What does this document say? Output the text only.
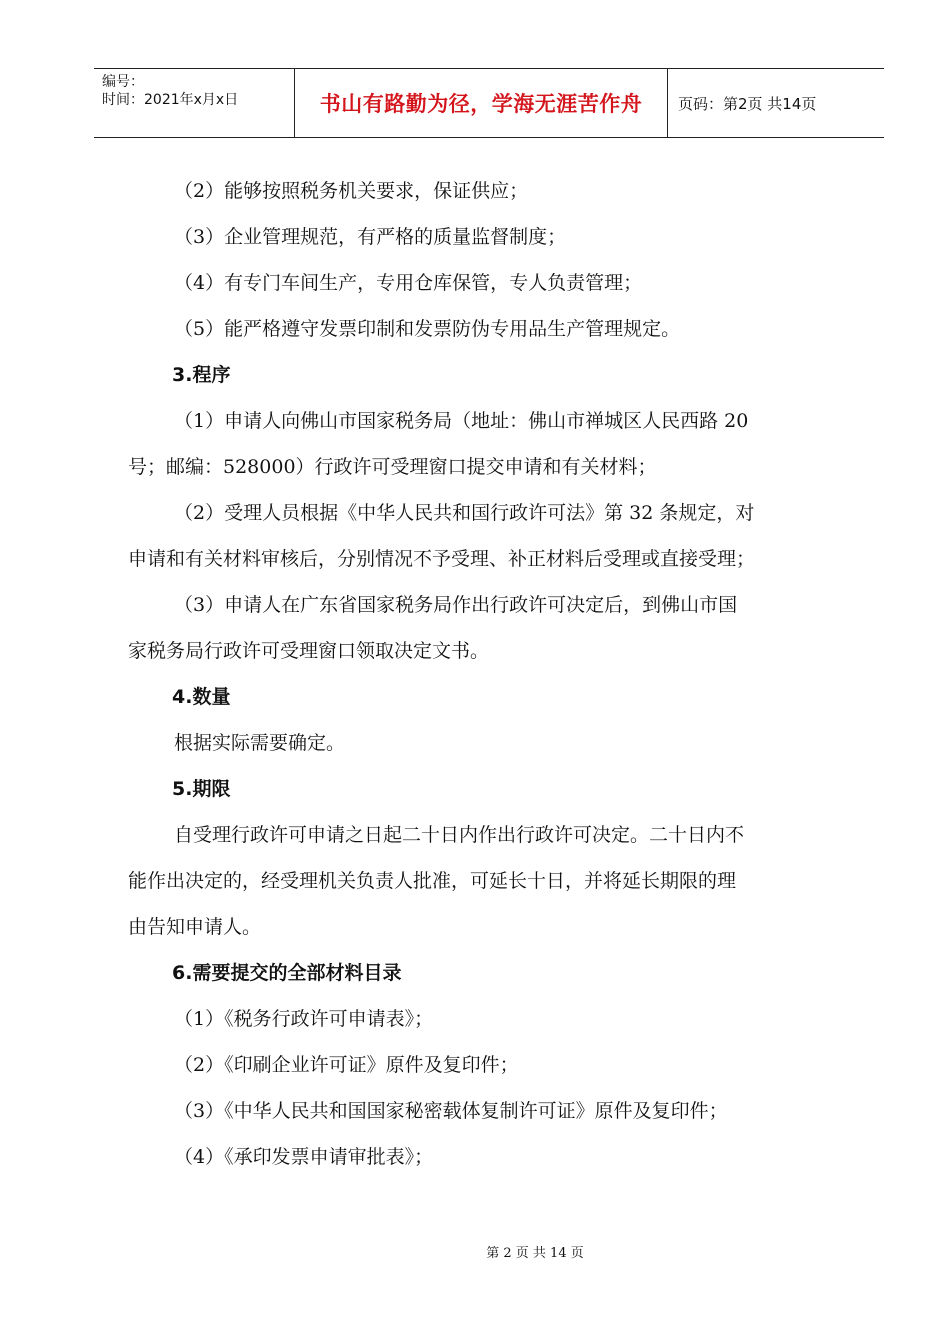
编号：
时间：2021年x月x日	书山有路勤为径，学海无涯苦作舟 页码：第2页 共14页
（2）能够按照税务机关要求，保证供应；
（3）企业管理规范，有严格的质量监督制度；
（4）有专门车间生产，专用仓库保管，专人负责管理；
（5）能严格遵守发票印制和发票防伪专用品生产管理规定。
3.程序
（1）申请人向佛山市国家税务局（地址：佛山市禅城区人民西路 20
号；邮编：528000）行政许可受理窗口提交申请和有关材料；
（2）受理人员根据《中华人民共和国行政许可法》第 32 条规定，对
申请和有关材料审核后，分别情况不予受理、补正材料后受理或直接受理；
（3）申请人在广东省国家税务局作出行政许可决定后，到佛山市国
家税务局行政许可受理窗口领取决定文书。
4.数量
根据实际需要确定。
5.期限
自受理行政许可申请之日起二十日内作出行政许可决定。二十日内不
能作出决定的，经受理机关负责人批准，可延长十日，并将延长期限的理
由告知申请人。
6.需要提交的全部材料目录
（1）《税务行政许可申请表》；
（2）《印刷企业许可证》原件及复印件；
（3）《中华人民共和国国家秘密载体复制许可证》原件及复印件；
（4）《承印发票申请审批表》；
第 2 页 共 14 页
